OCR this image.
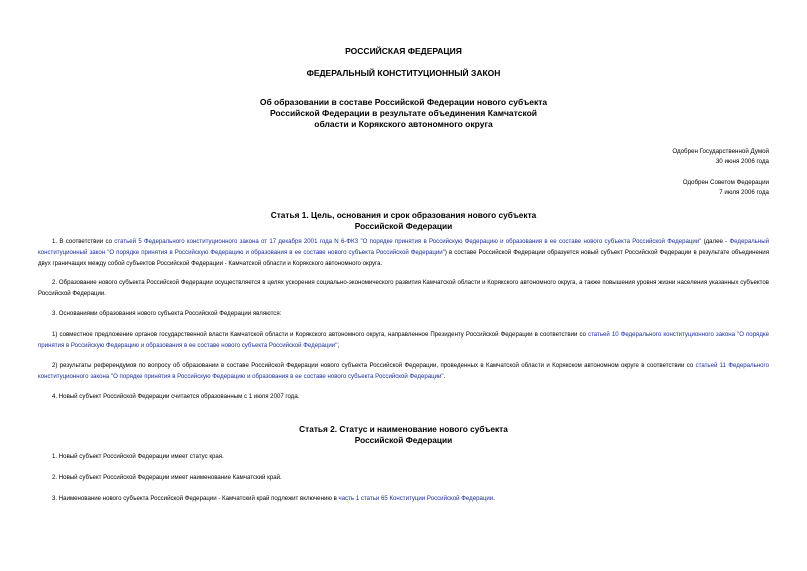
РОССИЙСКАЯ ФЕДЕРАЦИЯ
ФЕДЕРАЛЬНЫЙ КОНСТИТУЦИОННЫЙ ЗАКОН
Об образовании в составе Российской Федерации нового субъекта
Российской Федерации в результате объединения Камчатской
области и Корякского автономного округа
Одобрен Государственной Думой
30 июня 2006 года
Одобрен Советом Федерации
7 июля 2006 года
Статья 1. Цель, основания и срок образования нового субъекта
Российской Федерации
1. В соответствии со статьей 5 Федерального конституционного закона от 17 декабря 2001 года N 6-ФКЗ "О порядке принятия в Российскую Федерацию и образования в ее составе нового субъекта Российской Федерации" (далее - Федеральный конституционный закон "О порядке принятия в Российскую Федерацию и образования в ее составе нового субъекта Российской Федерации") в составе Российской Федерации образуется новый субъект Российской Федерации в результате объединения двух граничащих между собой субъектов Российской Федерации - Камчатской области и Корякского автономного округа.
2. Образование нового субъекта Российской Федерации осуществляется в целях ускорения социально-экономического развития Камчатской области и Корякского автономного округа, а также повышения уровня жизни населения указанных субъектов Российской Федерации.
3. Основаниями образования нового субъекта Российской Федерации являются:
1) совместное предложение органов государственной власти Камчатской области и Корякского автономного округа, направленное Президенту Российской Федерации в соответствии со статьей 10 Федерального конституционного закона "О порядке принятия в Российскую Федерацию и образования в ее составе нового субъекта Российской Федерации";
2) результаты референдумов по вопросу об образовании в составе Российской Федерации нового субъекта Российской Федерации, проведенных в Камчатской области и Корякском автономном округе в соответствии со статьей 11 Федерального конституционного закона "О порядке принятия в Российскую Федерацию и образования в ее составе нового субъекта Российской Федерации".
4. Новый субъект Российской Федерации считается образованным с 1 июля 2007 года.
Статья 2. Статус и наименование нового субъекта
Российской Федерации
1. Новый субъект Российской Федерации имеет статус края.
2. Новый субъект Российской Федерации имеет наименование Камчатский край.
3. Наименование нового субъекта Российской Федерации - Камчатский край подлежит включению в часть 1 статьи 65 Конституции Российской Федерации.
